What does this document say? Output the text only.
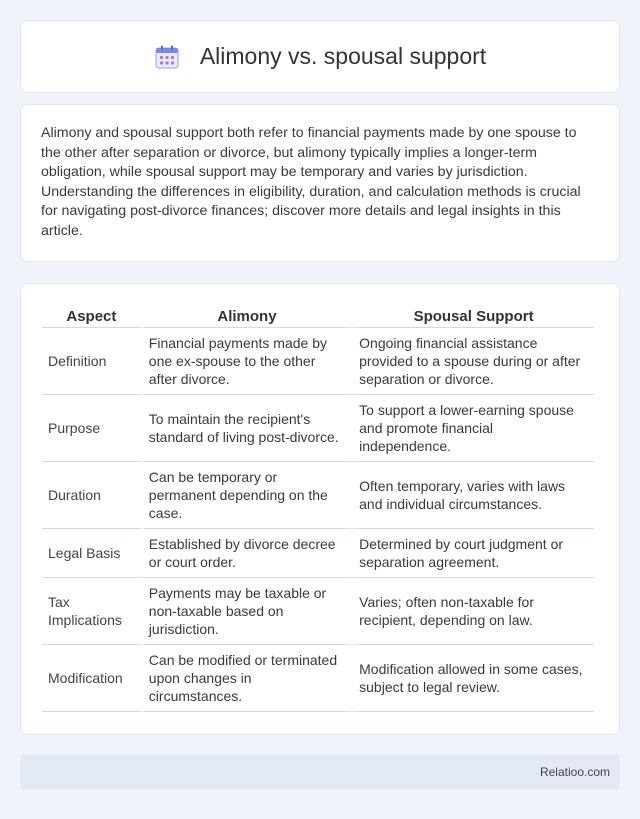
Alimony vs. spousal support

Alimony and spousal support both refer to financial payments made by one spouse to the other after separation or divorce, but alimony typically implies a longer-term obligation, while spousal support may be temporary and varies by jurisdiction. Understanding the differences in eligibility, duration, and calculation methods is crucial for navigating post-divorce finances; discover more details and legal insights in this article.

Aspect	Alimony	Spousal Support
Definition	Financial payments made by one ex-spouse to the other after divorce.	Ongoing financial assistance provided to a spouse during or after separation or divorce.
Purpose	To maintain the recipient's standard of living post-divorce.	To support a lower-earning spouse and promote financial independence.
Duration	Can be temporary or permanent depending on the case.	Often temporary, varies with laws and individual circumstances.
Legal Basis	Established by divorce decree or court order.	Determined by court judgment or separation agreement.
Tax Implications	Payments may be taxable or non-taxable based on jurisdiction.	Varies; often non-taxable for recipient, depending on law.
Modification	Can be modified or terminated upon changes in circumstances.	Modification allowed in some cases, subject to legal review.
Relatioo.com
